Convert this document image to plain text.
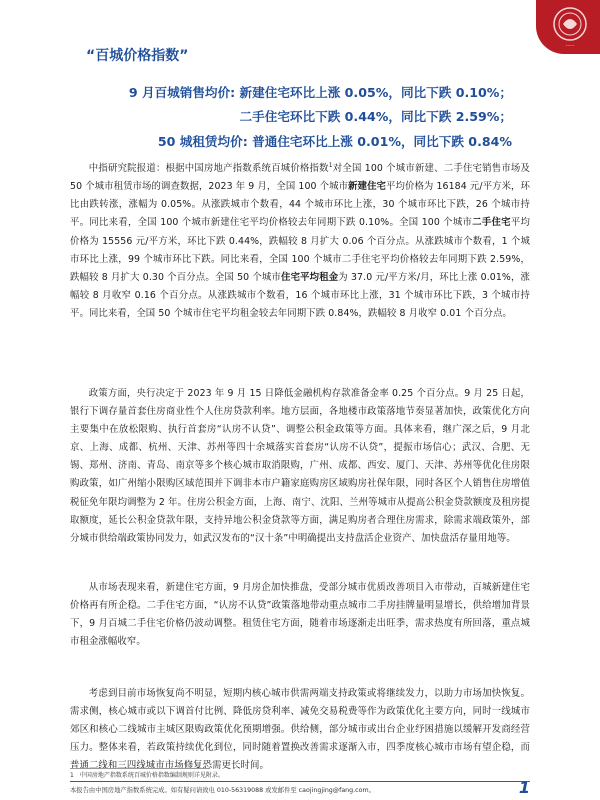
·····
“百城价格指数”
9 月百城销售均价: 新建住宅环比上涨 0.05%，同比下跌 0.10%；
二手住宅环比下跌 0.44%，同比下跌 2.59%；
50 城租赁均价: 普通住宅环比上涨 0.01%，同比下跌 0.84%

中指研究院报道：根据中国房地产指数系统百城价格指数$^1$对全国 100 个城市新建、二手住宅销售市场及 50 个城市租赁市场的调查数据，2023 年 9 月，全国 100 个城市新建住宅平均价格为 16184 元/平方米，环比由跌转涨，涨幅为 0.05%。从涨跌城市个数看，44 个城市环比上涨，30 个城市环比下跌，26 个城市持平。同比来看，全国 100 个城市新建住宅平均价格较去年同期下跌 0.10%。全国 100 个城市二手住宅平均价格为 15556 元/平方米，环比下跌 0.44%，跌幅较 8 月扩大 0.06 个百分点。从涨跌城市个数看，1 个城市环比上涨，99 个城市环比下跌。同比来看，全国 100 个城市二手住宅平均价格较去年同期下跌 2.59%，跌幅较 8 月扩大 0.30 个百分点。全国 50 个城市住宅平均租金为 37.0 元/平方米/月，环比上涨 0.01%，涨幅较 8 月收窄 0.16 个百分点。从涨跌城市个数看，16 个城市环比上涨，31 个城市环比下跌，3 个城市持平。同比来看，全国 50 个城市住宅平均租金较去年同期下跌 0.84%，跌幅较 8 月收窄 0.01 个百分点。

政策方面，央行决定于 2023 年 9 月 15 日降低金融机构存款准备金率 0.25 个百分点。9 月 25 日起，银行下调存量首套住房商业性个人住房贷款利率。地方层面，各地楼市政策落地节奏显著加快，政策优化方向主要集中在放松限购、执行首套房“认房不认贷”、调整公积金政策等方面。具体来看，继广深之后，9 月北京、上海、成都、杭州、天津、苏州等四十余城落实首套房“认房不认贷”，提振市场信心；武汉、合肥、无锡、郑州、济南、青岛、南京等多个核心城市取消限购，广州、成都、西安、厦门、天津、苏州等优化住房限购政策，如广州缩小限购区域范围并下调非本市户籍家庭购房区域购房社保年限，同时各区个人销售住房增值税征免年限均调整为 2 年。住房公积金方面，上海、南宁、沈阳、兰州等城市从提高公积金贷款额度及租房提取额度，延长公积金贷款年限，支持异地公积金贷款等方面，满足购房者合理住房需求，除需求端政策外，部分城市供给端政策协同发力，如武汉发布的“汉十条”中明确提出支持盘活企业资产、加快盘活存量用地等。

从市场表现来看，新建住宅方面，9 月房企加快推盘，受部分城市优质改善项目入市带动，百城新建住宅价格再有所企稳。二手住宅方面，“认房不认贷”政策落地带动重点城市二手房挂牌量明显增长，供给增加背景下，9 月百城二手住宅价格仍波动调整。租赁住宅方面，随着市场逐渐走出旺季，需求热度有所回落，重点城市租金涨幅收窄。

考虑到目前市场恢复尚不明显，短期内核心城市供需两端支持政策或将继续发力，以助力市场加快恢复。需求侧，核心城市或以下调首付比例、降低房贷利率、减免交易税费等作为政策优化主要方向，同时一线城市郊区和核心二线城市主城区限购政策优化预期增强。供给侧，部分城市或出台企业纾困措施以缓解开发商经营压力。整体来看，若政策持续优化到位，同时随着置换改善需求逐渐入市，四季度核心城市市场有望企稳，而普通二线和三四线城市市场修复恐需更长时间。

1　中国房地产指数系统百城价格指数编制规则详见附录。
本报告由中国房地产指数系统完成。如有疑问请致电 010-56319088 或发邮件至 caojingjing@fang.com。	1
